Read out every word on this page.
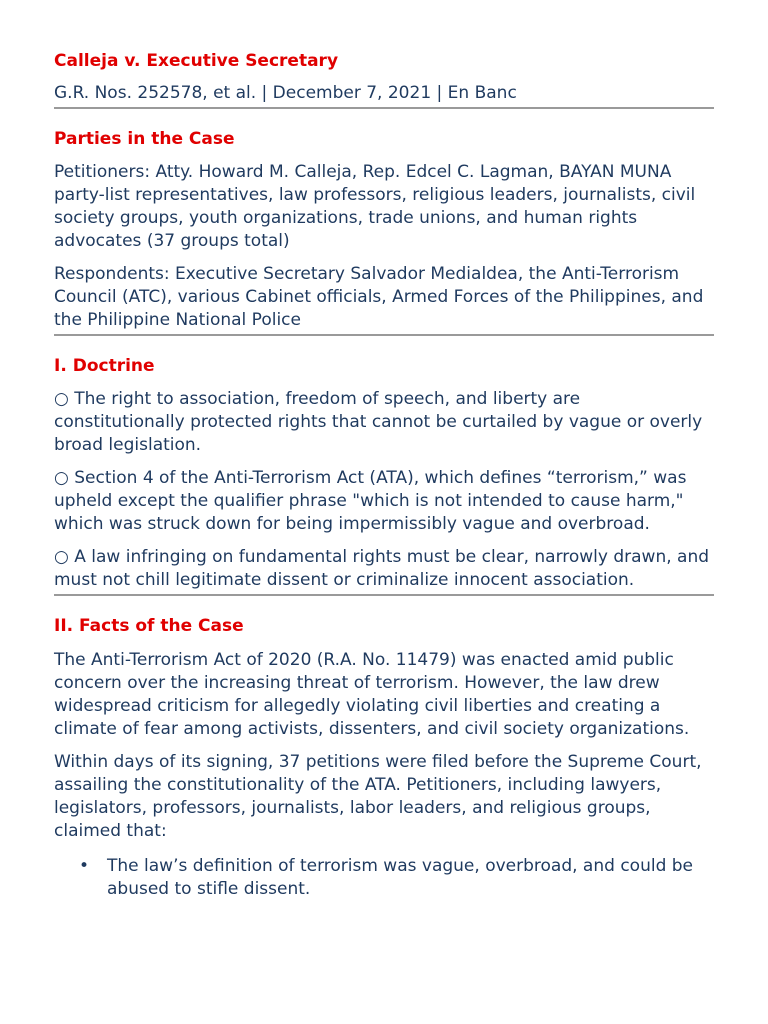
Calleja v. Executive Secretary

G.R. Nos. 252578, et al. | December 7, 2021 | En Banc

Parties in the Case

Petitioners: Atty. Howard M. Calleja, Rep. Edcel C. Lagman, BAYAN MUNA party-list representatives, law professors, religious leaders, journalists, civil society groups, youth organizations, trade unions, and human rights advocates (37 groups total)

Respondents: Executive Secretary Salvador Medialdea, the Anti-Terrorism Council (ATC), various Cabinet officials, Armed Forces of the Philippines, and the Philippine National Police

I. Doctrine

○ The right to association, freedom of speech, and liberty are constitutionally protected rights that cannot be curtailed by vague or overly broad legislation.

○ Section 4 of the Anti-Terrorism Act (ATA), which defines “terrorism,” was upheld except the qualifier phrase "which is not intended to cause harm," which was struck down for being impermissibly vague and overbroad.

○ A law infringing on fundamental rights must be clear, narrowly drawn, and must not chill legitimate dissent or criminalize innocent association.

II. Facts of the Case

The Anti-Terrorism Act of 2020 (R.A. No. 11479) was enacted amid public concern over the increasing threat of terrorism. However, the law drew widespread criticism for allegedly violating civil liberties and creating a climate of fear among activists, dissenters, and civil society organizations.

Within days of its signing, 37 petitions were filed before the Supreme Court, assailing the constitutionality of the ATA. Petitioners, including lawyers, legislators, professors, journalists, labor leaders, and religious groups, claimed that:

• The law’s definition of terrorism was vague, overbroad, and could be abused to stifle dissent.
